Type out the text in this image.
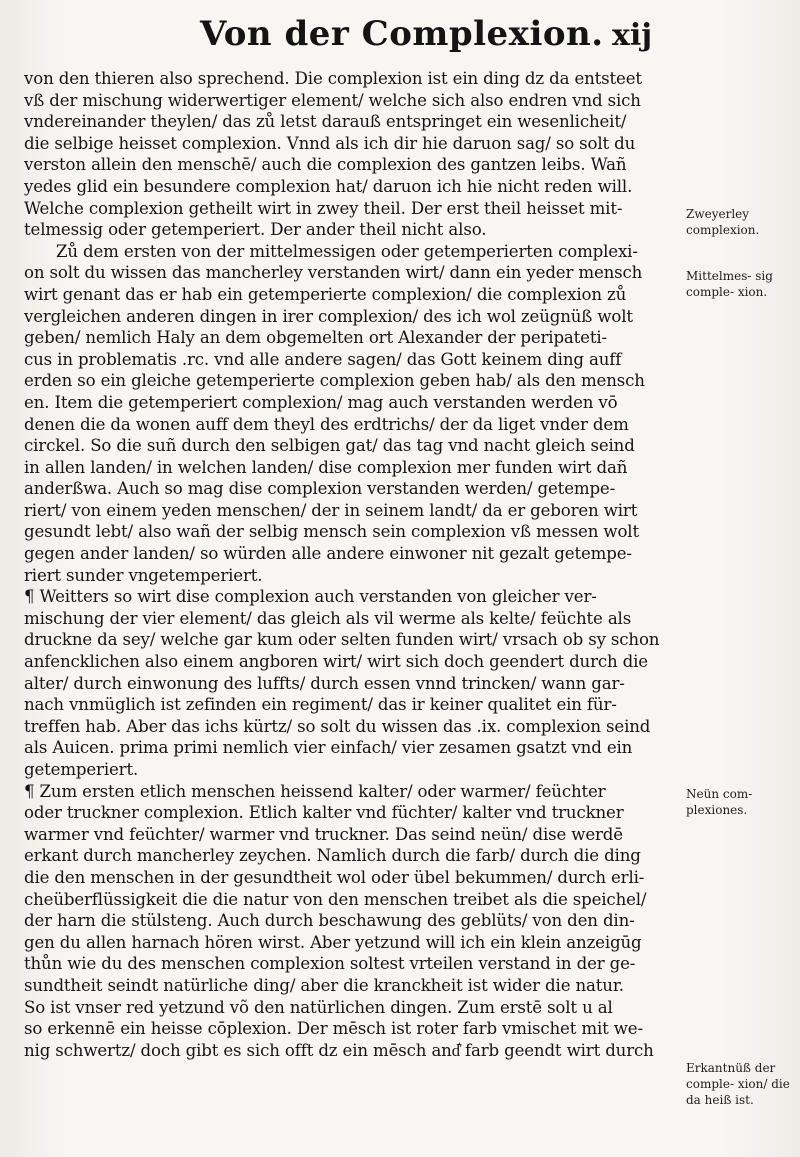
Von der Complexion. xij
von den thieren also sprechend. Die complexion ist ein ding dz da entsteet
vß der mischung widerwertiger element/ welche sich also endren vnd sich
vndereinander theylen/ das zů letst darauß entspringet ein wesenlicheit/
die selbige heisset complexion. Vnnd als ich dir hie daruon sag/ so solt du
verston allein den menschē/ auch die complexion des gantzen leibs. Wañ
yedes glid ein besundere complexion hat/ daruon ich hie nicht reden will.
Welche complexion getheilt wirt in zwey theil. Der erst theil heisset mit-
telmessig oder getemperiert. Der ander theil nicht also.
Zů dem ersten von der mittelmessigen oder getemperierten complexi-
on solt du wissen das mancherley verstanden wirt/ dann ein yeder mensch
wirt genant das er hab ein getemperierte complexion/ die complexion zů
vergleichen anderen dingen in irer complexion/ des ich wol zeügnüß wolt
geben/ nemlich Haly an dem obgemelten ort Alexander der peripateti-
cus in problematis .rc. vnd alle andere sagen/ das Gott keinem ding auff
erden so ein gleiche getemperierte complexion geben hab/ als den mensch
en. Item die getemperiert complexion/ mag auch verstanden werden vō
denen die da wonen auff dem theyl des erdtrichs/ der da liget vnder dem
circkel. So die suñ durch den selbigen gat/ das tag vnd nacht gleich seind
in allen landen/ in welchen landen/ dise complexion mer funden wirt dañ
anderßwa. Auch so mag dise complexion verstanden werden/ getempe-
riert/ von einem yeden menschen/ der in seinem landt/ da er geboren wirt
gesundt lebt/ also wañ der selbig mensch sein complexion vß messen wolt
gegen ander landen/ so würden alle andere einwoner nit gezalt getempe-
riert sunder vngetemperiert.
¶ Weitters so wirt dise complexion auch verstanden von gleicher ver-
mischung der vier element/ das gleich als vil werme als kelte/ feüchte als
druckne da sey/ welche gar kum oder selten funden wirt/ vrsach ob sy schon
anfencklichen also einem angboren wirt/ wirt sich doch geendert durch die
alter/ durch einwonung des luffts/ durch essen vnnd trincken/ wann gar-
nach vnmüglich ist zefinden ein regiment/ das ir keiner qualitet ein für-
treffen hab. Aber das ichs kürtz/ so solt du wissen das .ix. complexion seind
als Auicen. prima primi nemlich vier einfach/ vier zesamen gsatzt vnd ein
getemperiert.
¶ Zum ersten etlich menschen heissend kalter/ oder warmer/ feüchter
oder truckner complexion. Etlich kalter vnd füchter/ kalter vnd truckner
warmer vnd feüchter/ warmer vnd truckner. Das seind neün/ dise werdē
erkant durch mancherley zeychen. Namlich durch die farb/ durch die ding
die den menschen in der gesundtheit wol oder übel bekummen/ durch erli-
cheüberflüssigkeit die die natur von den menschen treibet als die speichel/
der harn die stülsteng. Auch durch beschawung des geblüts/ von den din-
gen du allen harnach hören wirst. Aber yetzund will ich ein klein anzeigūg
thůn wie du des menschen complexion soltest vrteilen verstand in der ge-
sundtheit seindt natürliche ding/ aber die kranckheit ist wider die natur.
So ist vnser red yetzund võ den natürlichen dingen. Zum erstē solt u al
so erkennē ein heisse cōplexion. Der mēsch ist roter farb vmischet mit we-
nig schwertz/ doch gibt es sich offt dz ein mēsch and͛ farb geendt wirt durch
Zweyerley complexion.
Mittelmes- sig comple- xion.
Neün com- plexiones.
Erkantnüß der comple- xion/ die da heiß ist.
